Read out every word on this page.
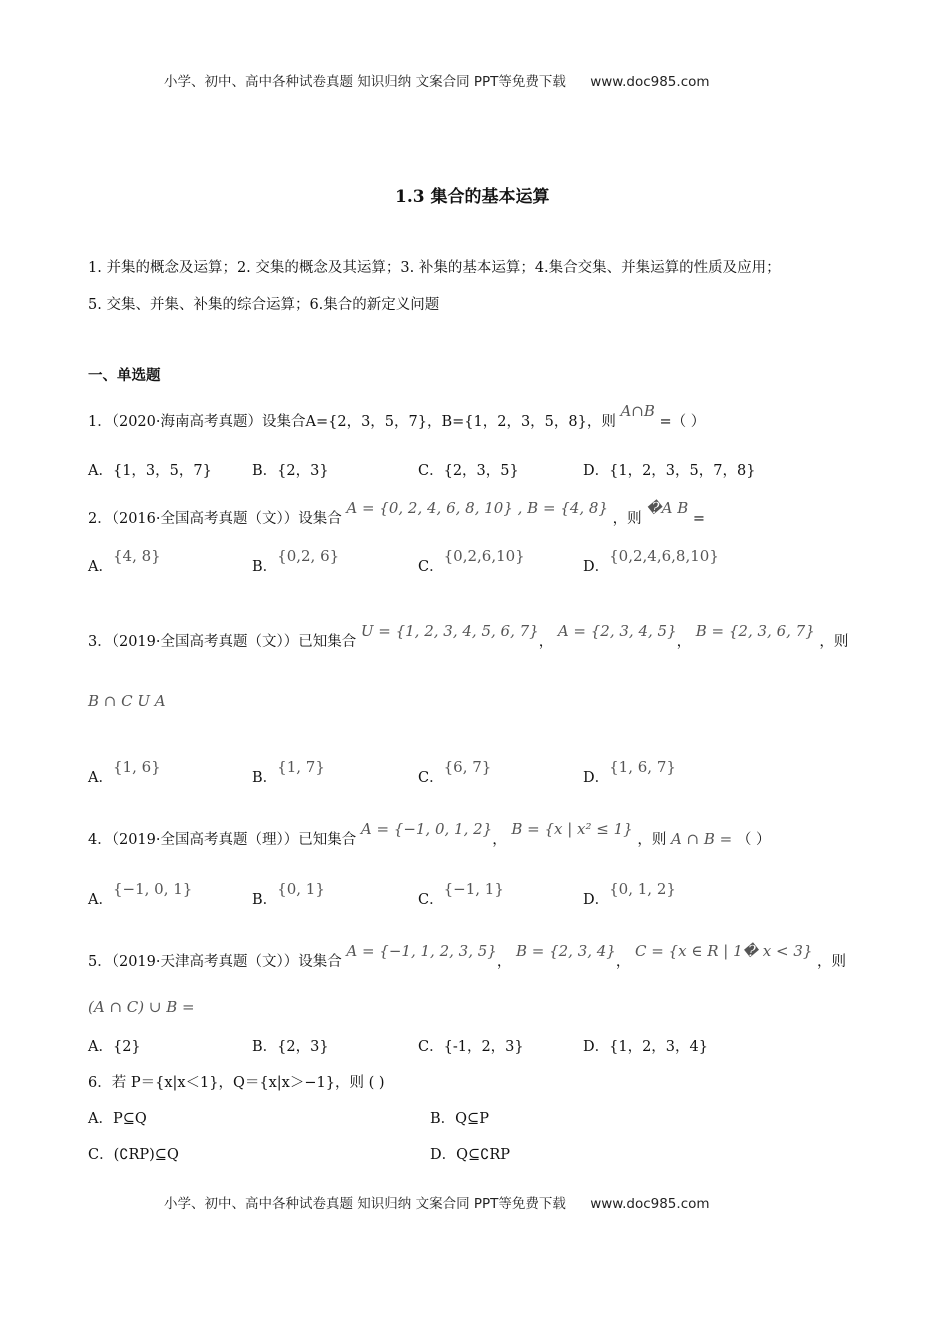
小学、初中、高中各种试卷真题 知识归纳 文案合同 PPT等免费下载 www.doc985.com
1.3 集合的基本运算
1. 并集的概念及运算；2. 交集的概念及其运算；3. 补集的基本运算；4.集合交集、并集运算的性质及应用；
5. 交集、并集、补集的综合运算；6.集合的新定义问题
一、单选题
1．（2020·海南高考真题）设集合A={2，3，5，7}，B={1，2，3，5，8}，则 A∩B =（ ）
A．{1，3，5，7}	B．{2，3}	C．{2，3，5}	D．{1，2，3，5，7，8}
2．（2016·全国高考真题（文））设集合 A = {0, 2, 4, 6, 8, 10} , B = {4, 8} ，则 �A B =
A．{4, 8}
B．{0,2, 6}
C．{0,2,6,10}
D．{0,2,4,6,8,10}
3．（2019·全国高考真题（文））已知集合 U = {1, 2, 3, 4, 5, 6, 7}， A = {2, 3, 4, 5}， B = {2, 3, 6, 7} ，则
B ∩ C U A
A．{1, 6}
B．{1, 7}
C．{6, 7}
D．{1, 6, 7}
4．（2019·全国高考真题（理））已知集合 A = {−1, 0, 1, 2}， B = {x | x² ≤ 1} ，则 A ∩ B = （ ）
A．{−1, 0, 1}
B．{0, 1}
C．{−1, 1}
D．{0, 1, 2}
5．（2019·天津高考真题（文））设集合 A = {−1, 1, 2, 3, 5}， B = {2, 3, 4}， C = {x ∈ R | 1� x < 3} ，则
(A ∩ C) ∪ B =
A．{2}	B．{2，3}	C．{-1，2，3}	D．{1，2，3，4}
6．若 P＝{x|x＜1}，Q＝{x|x＞−1}，则 ( )
A．P⊆Q	B．Q⊆P
C．(∁RP)⊆Q	D．Q⊆∁RP
小学、初中、高中各种试卷真题 知识归纳 文案合同 PPT等免费下载 www.doc985.com
